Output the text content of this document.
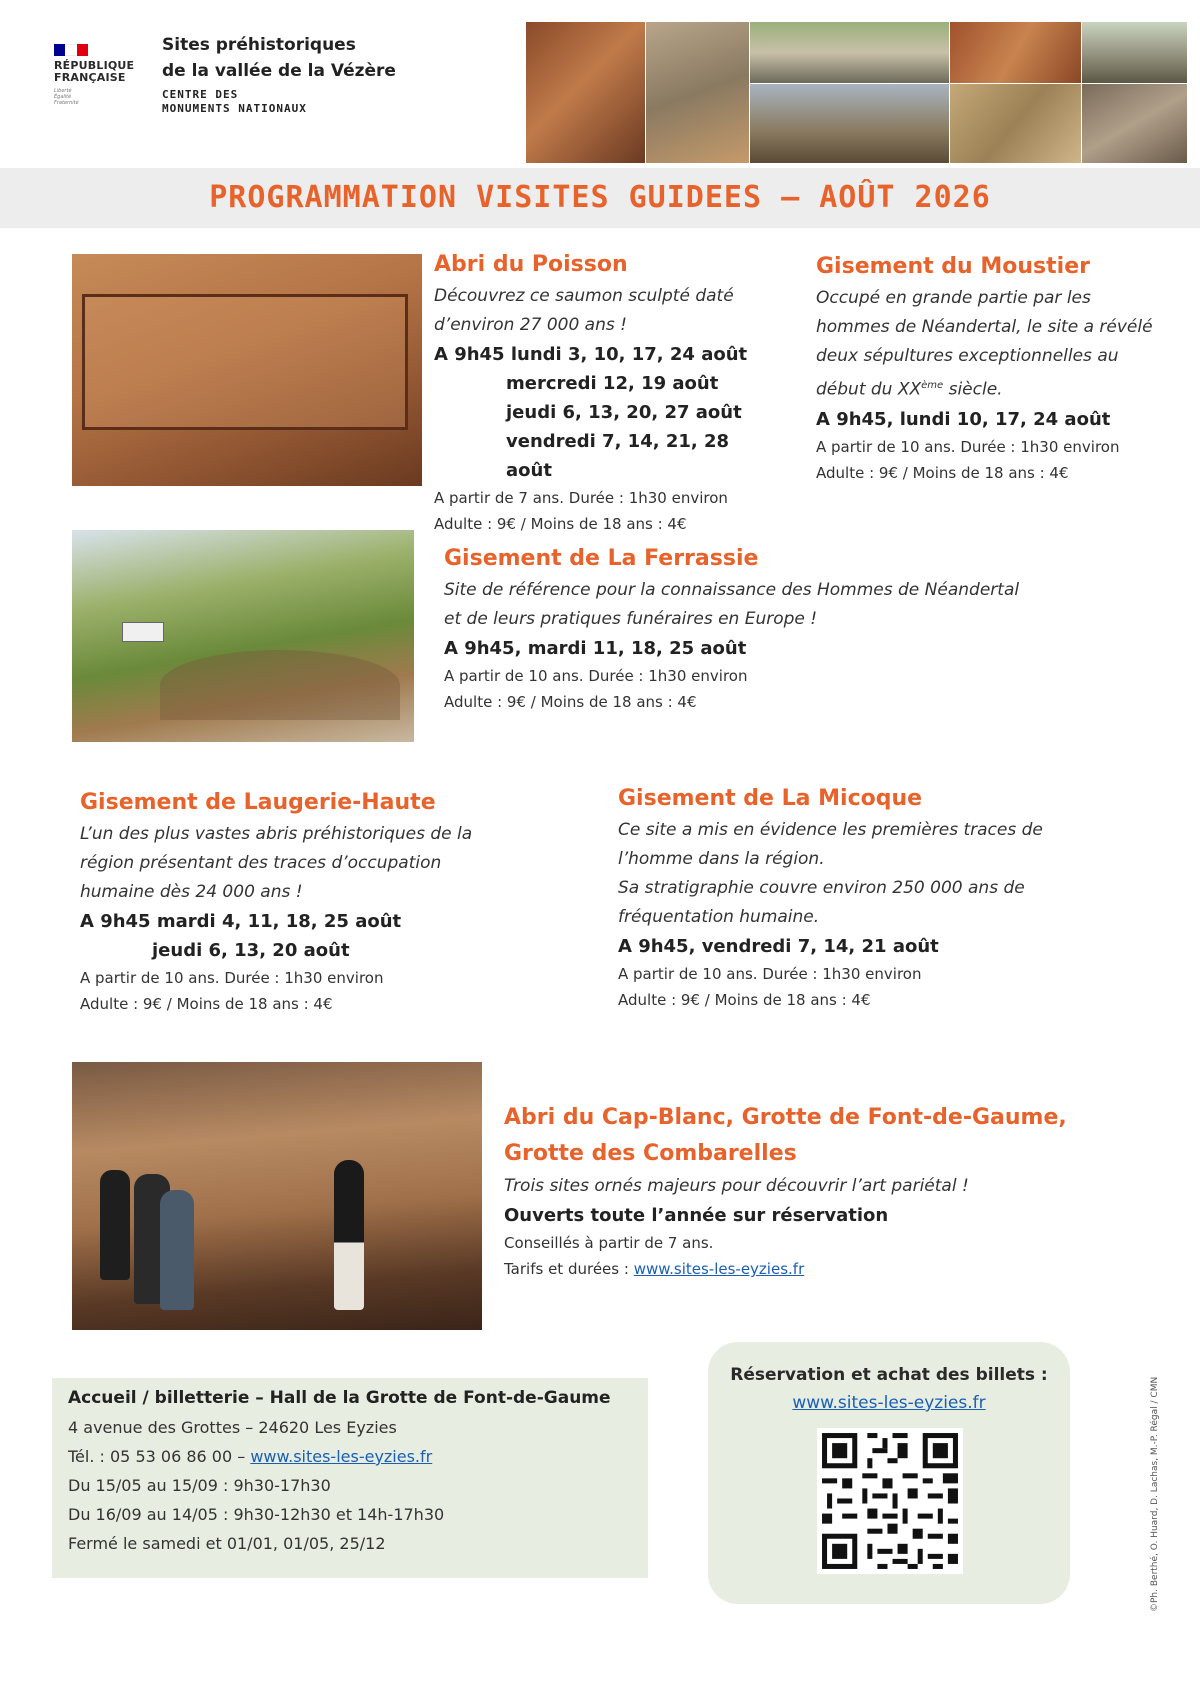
RÉPUBLIQUE
FRANÇAISE
Liberté Égalité Fraternité
Sites préhistoriques
de la vallée de la Vézère
CENTRE DES
MONUMENTS NATIONAUX
PROGRAMMATION VISITES GUIDEES – AOÛT 2026
Abri du Poisson
Découvrez ce saumon sculpté daté
d’environ 27 000 ans !
A 9h45 lundi 3, 10, 17, 24 août
mercredi 12, 19 août
jeudi 6, 13, 20, 27 août
vendredi 7, 14, 21, 28 août
A partir de 7 ans. Durée : 1h30 environ
Adulte : 9€ / Moins de 18 ans : 4€
Gisement du Moustier
Occupé en grande partie par les
hommes de Néandertal, le site a révélé
deux sépultures exceptionnelles au
début du XXème siècle.
A 9h45, lundi 10, 17, 24 août
A partir de 10 ans. Durée : 1h30 environ
Adulte : 9€ / Moins de 18 ans : 4€
Gisement de La Ferrassie
Site de référence pour la connaissance des Hommes de Néandertal
et de leurs pratiques funéraires en Europe !
A 9h45, mardi 11, 18, 25 août
A partir de 10 ans. Durée : 1h30 environ
Adulte : 9€ / Moins de 18 ans : 4€
Gisement de Laugerie-Haute
L’un des plus vastes abris préhistoriques de la
région présentant des traces d’occupation
humaine dès 24 000 ans !
A 9h45 mardi 4, 11, 18, 25 août
jeudi 6, 13, 20 août
A partir de 10 ans. Durée : 1h30 environ
Adulte : 9€ / Moins de 18 ans : 4€
Gisement de La Micoque
Ce site a mis en évidence les premières traces de
l’homme dans la région.
Sa stratigraphie couvre environ 250 000 ans de
fréquentation humaine.
A 9h45, vendredi 7, 14, 21 août
A partir de 10 ans. Durée : 1h30 environ
Adulte : 9€ / Moins de 18 ans : 4€
Abri du Cap-Blanc, Grotte de Font-de-Gaume,
Grotte des Combarelles
Trois sites ornés majeurs pour découvrir l’art pariétal !
Ouverts toute l’année sur réservation
Conseillés à partir de 7 ans.
Tarifs et durées : www.sites-les-eyzies.fr
Accueil / billetterie – Hall de la Grotte de Font-de-Gaume
4 avenue des Grottes – 24620 Les Eyzies
Tél. : 05 53 06 86 00 – www.sites-les-eyzies.fr
Du 15/05 au 15/09 : 9h30-17h30
Du 16/09 au 14/05 : 9h30-12h30 et 14h-17h30
Fermé le samedi et 01/01, 01/05, 25/12
Réservation et achat des billets :
www.sites-les-eyzies.fr	©Ph. Berthé, O. Huard, D. Lachas, M.-P. Régal / CMN
